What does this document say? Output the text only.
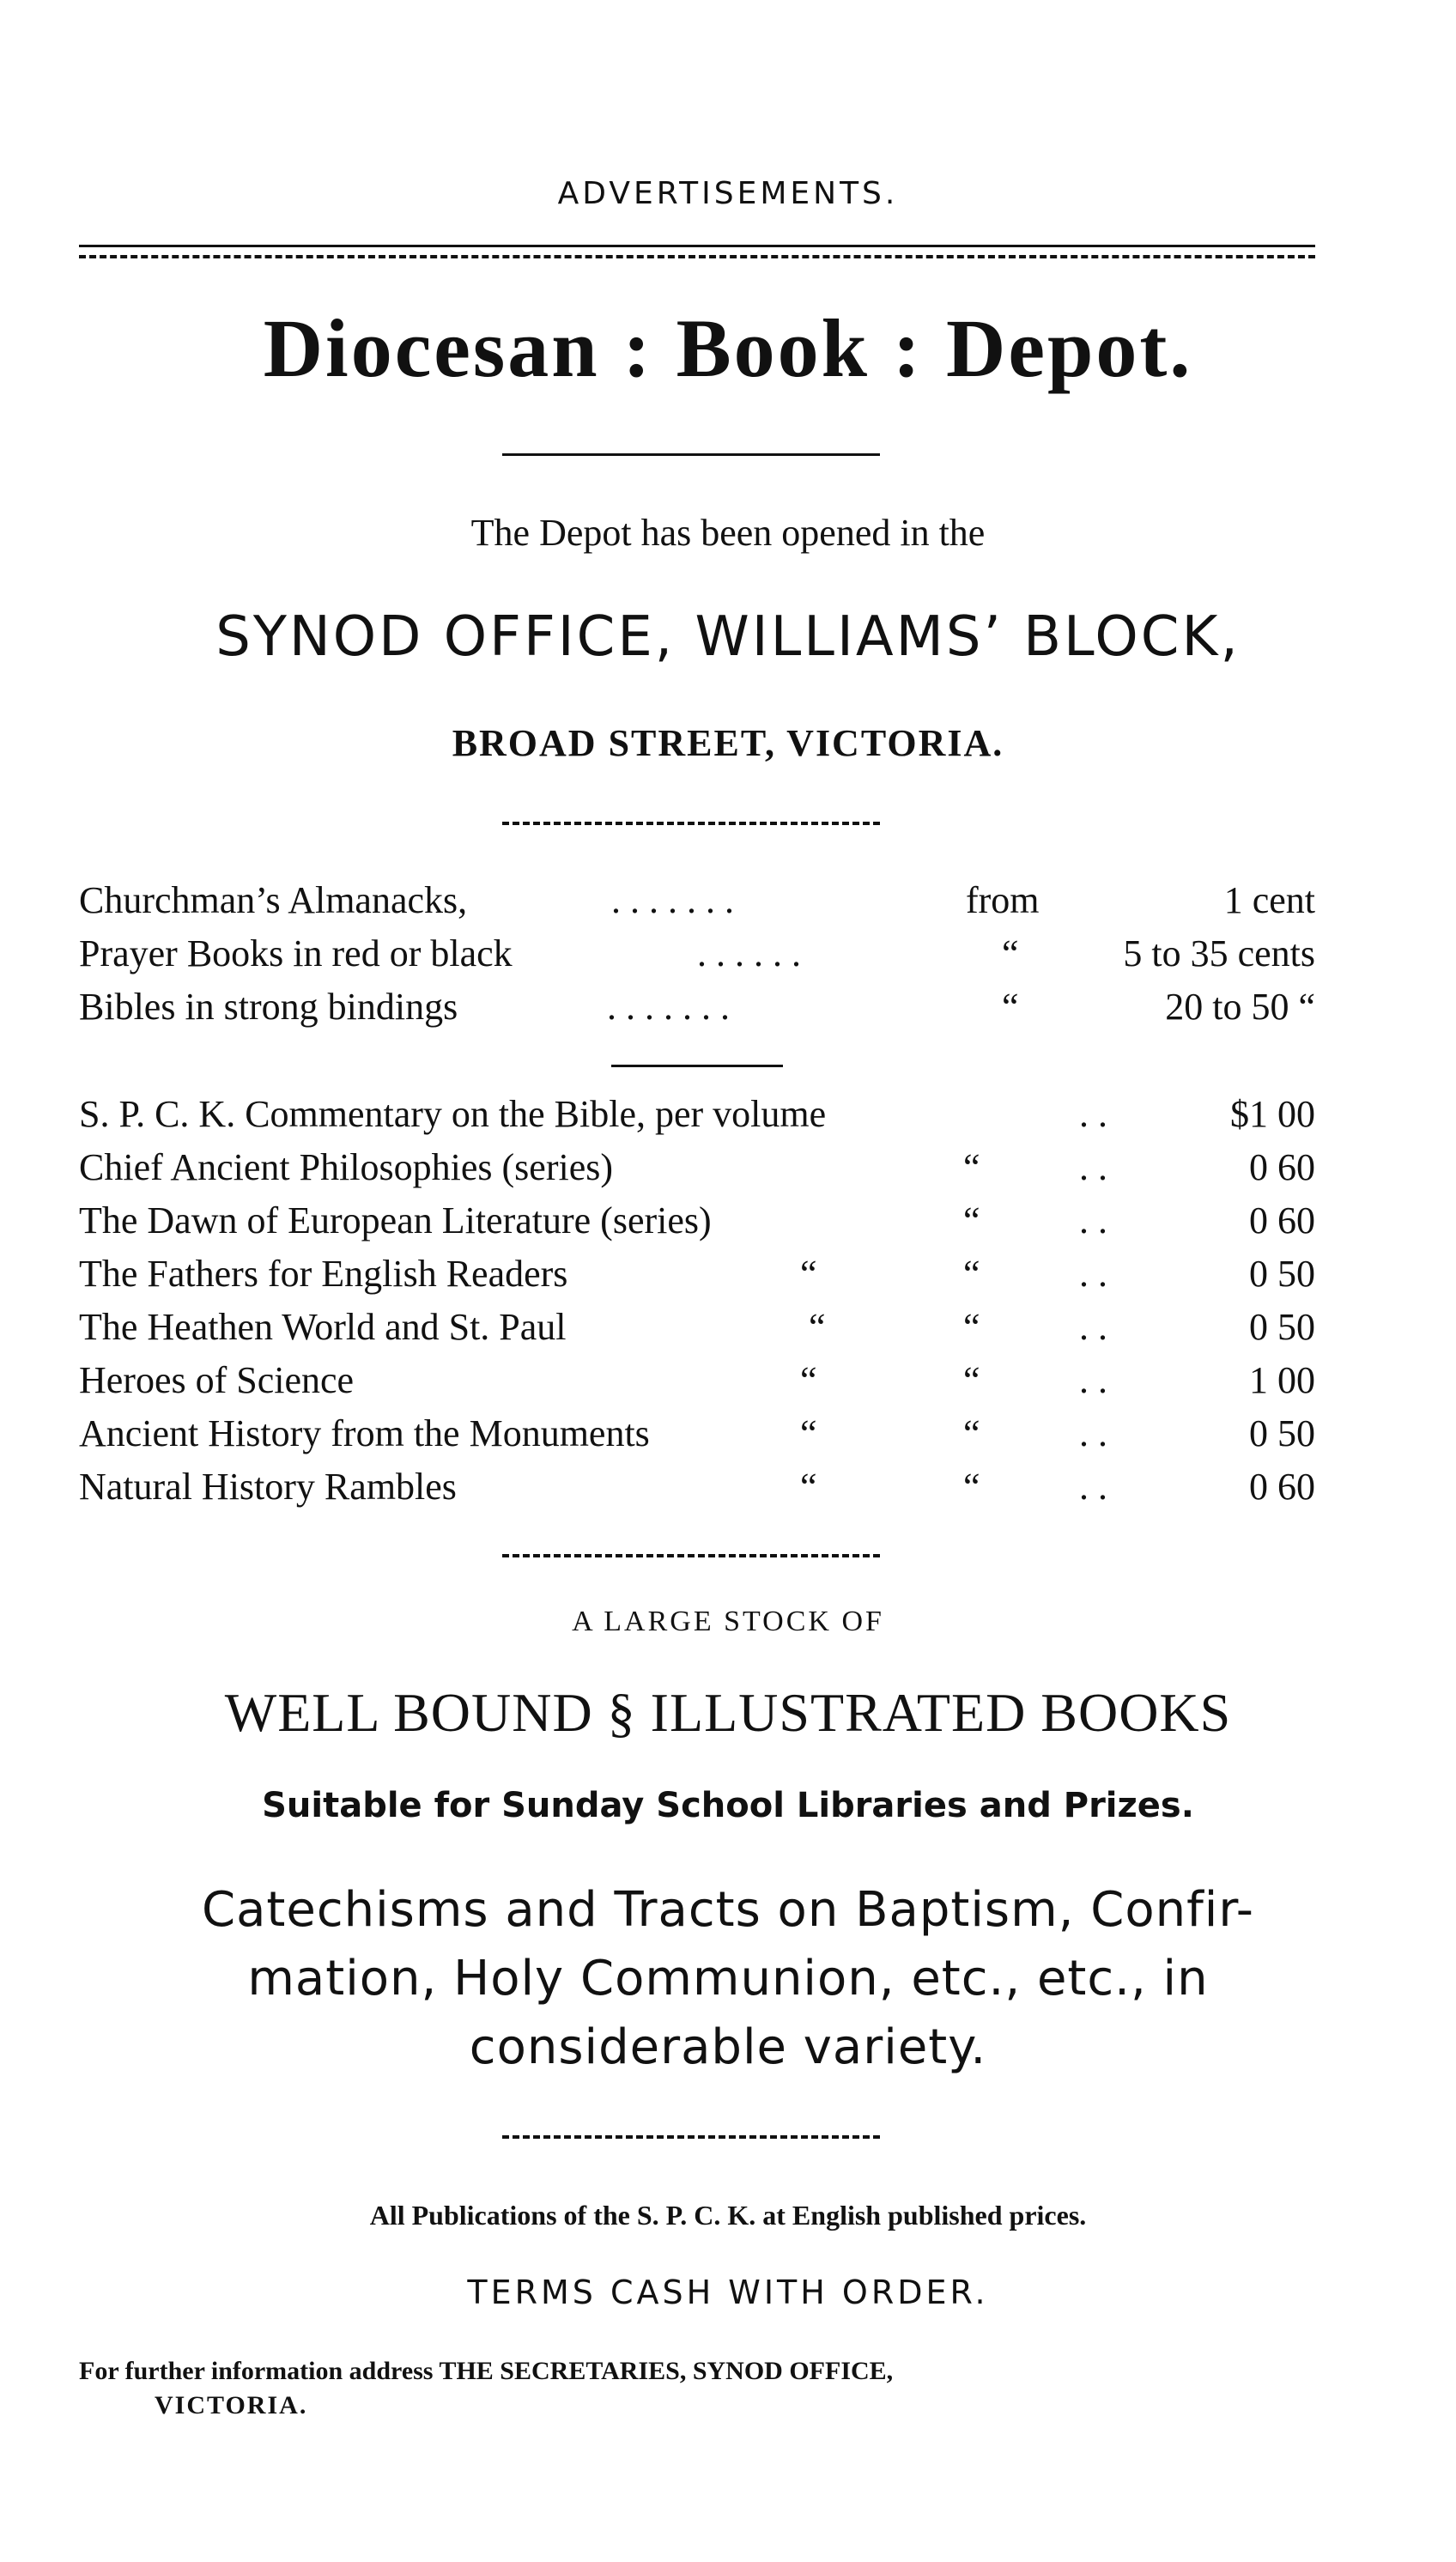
ADVERTISEMENTS.
Diocesan : Book : Depot.
The Depot has been opened in the
SYNOD OFFICE, WILLIAMS’ BLOCK,
BROAD STREET, VICTORIA.
Churchman’s Almanacks,	. . . . . . .	from	1 cent
Prayer Books in red or black	. . . . . .	“	5 to 35 cents
Bibles in strong bindings	. . . . . . .	“	20 to 50 “
S. P. C. K. Commentary on the Bible, per volume	. .	$1 00
Chief Ancient Philosophies (series)	“	. .	0 60
The Dawn of European Literature (series)	“	. .	0 60
The Fathers for English Readers	“	“	. .	0 50
The Heathen World and St. Paul	“	“	. .	0 50
Heroes of Science	“	“	. .	1 00
Ancient History from the Monuments	“	“	. .	0 50
Natural History Rambles	“	“	. .	0 60
A LARGE STOCK OF
WELL BOUND § ILLUSTRATED BOOKS
Suitable for Sunday School Libraries and Prizes.
Catechisms and Tracts on Baptism, Confir-
mation, Holy Communion, etc., etc., in
considerable variety.
All Publications of the S. P. C. K. at English published prices.
TERMS CASH WITH ORDER.
For further information address THE SECRETARIES, SYNOD OFFICE,
VICTORIA.
